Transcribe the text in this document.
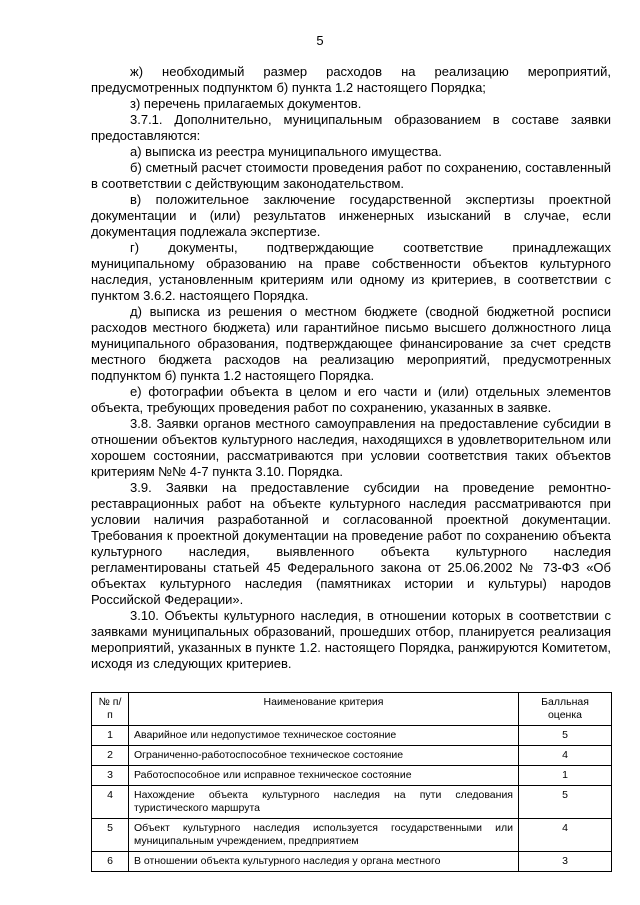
5

ж) необходимый размер расходов на реализацию мероприятий, предусмотренных подпунктом б) пункта 1.2 настоящего Порядка;

з) перечень прилагаемых документов.

3.7.1. Дополнительно, муниципальным образованием в составе заявки предоставляются:

а) выписка из реестра муниципального имущества.

б) сметный расчет стоимости проведения работ по сохранению, составленный в соответствии с действующим законодательством.

в) положительное заключение государственной экспертизы проектной документации и (или) результатов инженерных изысканий в случае, если документация подлежала экспертизе.

г) документы, подтверждающие соответствие принадлежащих муниципальному образованию на праве собственности объектов культурного наследия, установленным критериям или одному из критериев, в соответствии с пунктом 3.6.2. настоящего Порядка.

д) выписка из решения о местном бюджете (сводной бюджетной росписи расходов местного бюджета) или гарантийное письмо высшего должностного лица муниципального образования, подтверждающее финансирование за счет средств местного бюджета расходов на реализацию мероприятий, предусмотренных подпунктом б) пункта 1.2 настоящего Порядка.

е) фотографии объекта в целом и его части и (или) отдельных элементов объекта, требующих проведения работ по сохранению, указанных в заявке.

3.8. Заявки органов местного самоуправления на предоставление субсидии в отношении объектов культурного наследия, находящихся в удовлетворительном или хорошем состоянии, рассматриваются при условии соответствия таких объектов критериям №№ 4-7 пункта 3.10. Порядка.

3.9. Заявки на предоставление субсидии на проведение ремонтно-реставрационных работ на объекте культурного наследия рассматриваются при условии наличия разработанной и согласованной проектной документации. Требования к проектной документации на проведение работ по сохранению объекта культурного наследия, выявленного объекта культурного наследия регламентированы статьей 45 Федерального закона от 25.06.2002 № 73-ФЗ «Об объектах культурного наследия (памятниках истории и культуры) народов Российской Федерации».

3.10. Объекты культурного наследия, в отношении которых в соответствии с заявками муниципальных образований, прошедших отбор, планируется реализация мероприятий, указанных в пункте 1.2. настоящего Порядка, ранжируются Комитетом, исходя из следующих критериев.

№ п/п	Наименование критерия	Балльная оценка
1	Аварийное или недопустимое техническое состояние	5
2	Ограниченно-работоспособное техническое состояние	4
3	Работоспособное или исправное техническое состояние	1
4	Нахождение объекта культурного наследия на пути следования туристического маршрута	5
5	Объект культурного наследия используется государственными или муниципальным учреждением, предприятием	4
6	В отношении объекта культурного наследия у органа местного	3
